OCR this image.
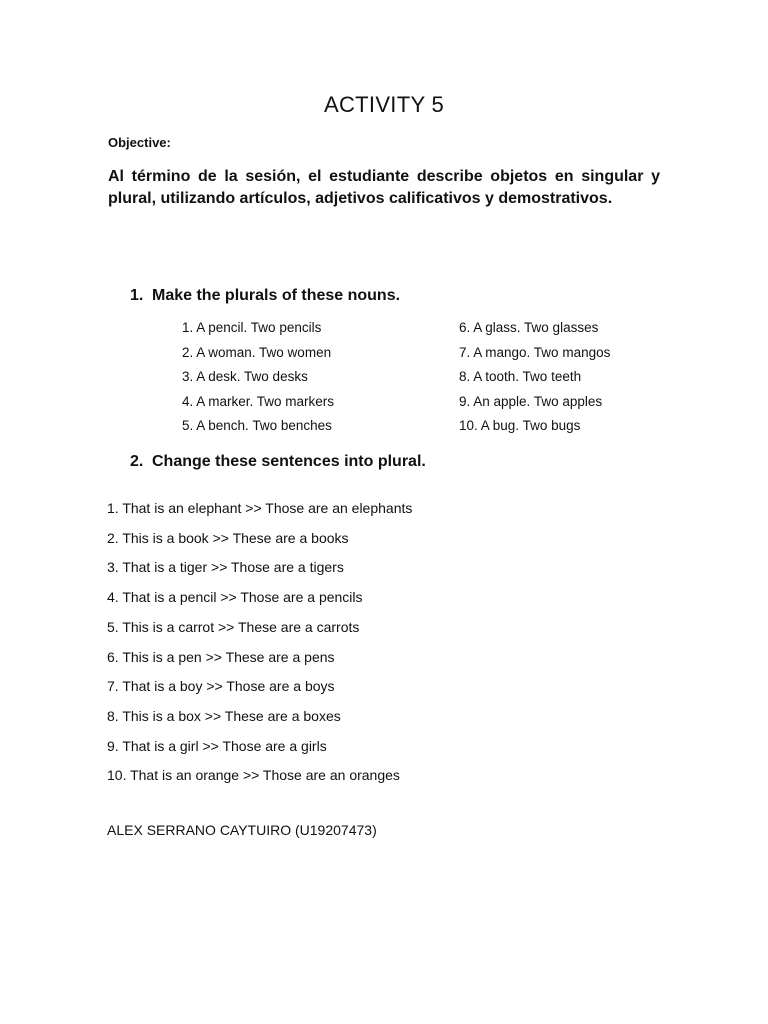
ACTIVITY 5

Objective:

Al término de la sesión, el estudiante describe objetos en singular y plural, utilizando artículos, adjetivos calificativos y demostrativos.

1. Make the plurals of these nouns.
1. A pencil. Two pencils
2. A woman. Two women
3. A desk. Two desks
4. A marker. Two markers
5. A bench. Two benches
6. A glass. Two glasses
7. A mango. Two mangos
8. A tooth. Two teeth
9. An apple. Two apples
10. A bug. Two bugs
2. Change these sentences into plural.
1. That is an elephant >> Those are an elephants
2. This is a book >> These are a books
3. That is a tiger >> Those are a tigers
4. That is a pencil >> Those are a pencils
5. This is a carrot >> These are a carrots
6. This is a pen >> These are a pens
7. That is a boy >> Those are a boys
8. This is a box >> These are a boxes
9. That is a girl >> Those are a girls
10. That is an orange >> Those are an oranges

ALEX SERRANO CAYTUIRO (U19207473)
